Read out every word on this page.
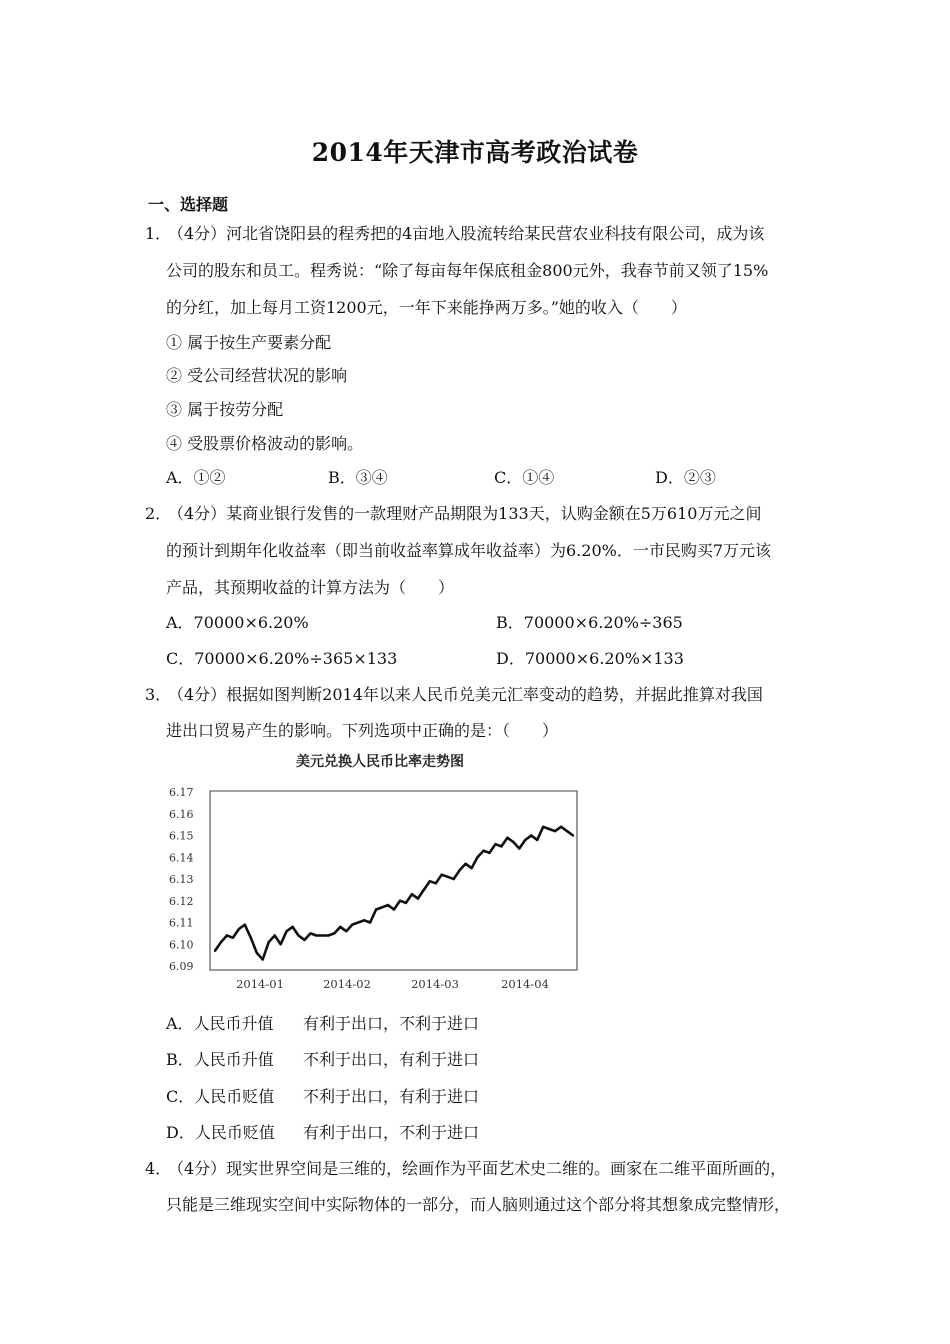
2014年天津市高考政治试卷
一、选择题
1．
（4分）河北省饶阳县的程秀把的4亩地入股流转给某民营农业科技有限公司，成为该
公司的股东和员工。程秀说：“除了每亩每年保底租金800元外，我春节前又领了15%
的分红，加上每月工资1200元，一年下来能挣两万多。”她的收入（　　）
① 属于按生产要素分配
② 受公司经营状况的影响
③ 属于按劳分配
④ 受股票价格波动的影响。
A．①②	B．③④	C．①④	D．②③
2．
（4分）某商业银行发售的一款理财产品期限为133天，认购金额在5万610万元之间
的预计到期年化收益率（即当前收益率算成年收益率）为6.20%．一市民购买7万元该
产品，其预期收益的计算方法为（　　）
A．70000×6.20%	B．70000×6.20%÷365
C．70000×6.20%÷365×133	D．70000×6.20%×133
3．
（4分）根据如图判断2014年以来人民币兑美元汇率变动的趋势，并据此推算对我国
进出口贸易产生的影响。下列选项中正确的是：（　　）
美元兑换人民币比率走势图
6.17
6.16
6.15
6.14
6.13
6.12
6.11
6.10
6.09
2014-01	2014-02	2014-03	2014-04
A．人民币升值 有利于出口，不利于进口
B．人民币升值 不利于出口，有利于进口
C．人民币贬值 不利于出口，有利于进口
D．人民币贬值 有利于出口，不利于进口
4．
（4分）现实世界空间是三维的，绘画作为平面艺术史二维的。画家在二维平面所画的，
只能是三维现实空间中实际物体的一部分，而人脑则通过这个部分将其想象成完整情形，
